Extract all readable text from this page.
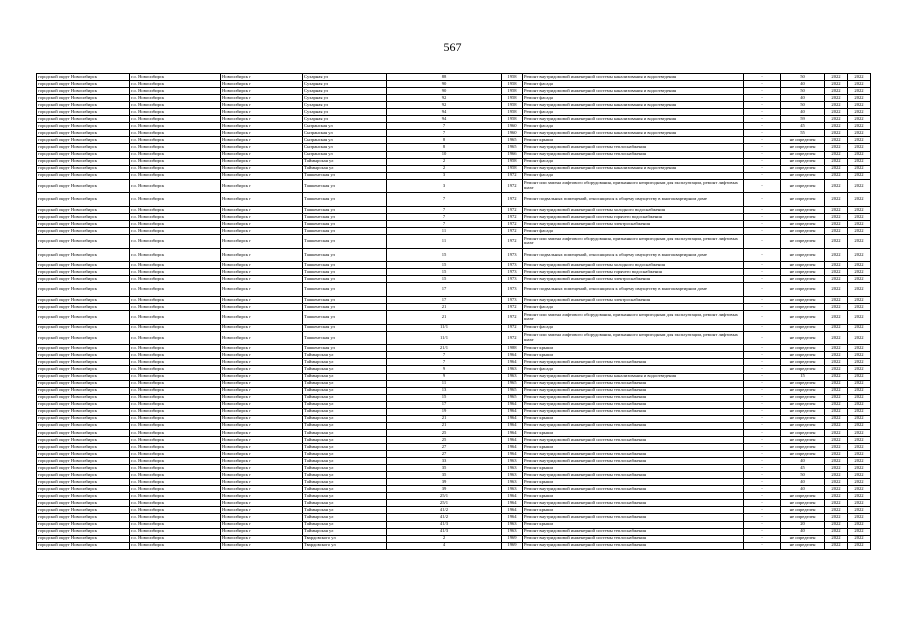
567
городской округ Новосибирск	г.о. Новосибирск	Новосибирск г	Сухарная ул	88	1958	Ремонт внутридомовой инженерной системы канализования и водоотведения	-	50	2022	2022
городской округ Новосибирск	г.о. Новосибирск	Новосибирск г	Сухарная ул	90	1958	Ремонт фасада	-	40	2022	2022
городской округ Новосибирск	г.о. Новосибирск	Новосибирск г	Сухарная ул	90	1958	Ремонт внутридомовой инженерной системы канализования и водоотведения	-	50	2022	2022
городской округ Новосибирск	г.о. Новосибирск	Новосибирск г	Сухарная ул	92	1958	Ремонт фасада	-	40	2022	2022
городской округ Новосибирск	г.о. Новосибирск	Новосибирск г	Сухарная ул	92	1958	Ремонт внутридомовой инженерной системы канализования и водоотведения	-	50	2022	2022
городской округ Новосибирск	г.о. Новосибирск	Новосибирск г	Сухарная ул	94	1958	Ремонт фасада	-	40	2022	2022
городской округ Новосибирск	г.о. Новосибирск	Новосибирск г	Сухарная ул	94	1958	Ремонт внутридомовой инженерной системы канализования и водоотведения	-	59	2022	2022
городской округ Новосибирск	г.о. Новосибирск	Новосибирск г	Сызранская ул	7	1960	Ремонт фасада	-	45	2022	2022
городской округ Новосибирск	г.о. Новосибирск	Новосибирск г	Сызранская ул	7	1960	Ремонт внутридомовой инженерной системы канализования и водоотведения	-	55	2022	2022
городской округ Новосибирск	г.о. Новосибирск	Новосибирск г	Сызранская ул	8	1965	Ремонт крыши	-	не определен	2022	2022
городской округ Новосибирск	г.о. Новосибирск	Новосибирск г	Сызранская ул	8	1965	Ремонт внутридомовой инженерной системы теплоснабжения	-	не определен	2022	2022
городской округ Новосибирск	г.о. Новосибирск	Новосибирск г	Сызранская ул	10	1966	Ремонт внутридомовой инженерной системы теплоснабжения	-	не определен	2022	2022
городской округ Новосибирск	г.о. Новосибирск	Новосибирск г	Таймырская ул	2	1958	Ремонт фасада	-	не определен	2022	2022
городской округ Новосибирск	г.о. Новосибирск	Новосибирск г	Таймырская ул	2	1958	Ремонт внутридомовой инженерной системы канализования и водоотведения	-	не определен	2022	2022
городской округ Новосибирск	г.о. Новосибирск	Новосибирск г	Ташкентская ул	3	1972	Ремонт фасада	-	не определен	2022	2022
городской округ Новосибирск	г.о. Новосибирск	Новосибирск г	Ташкентская ул	3	1972	Ремонт или замена лифтового оборудования, признанного непригодным для эксплуатации, ремонт лифтовых шахт	-	не определен	2022	2022
городской округ Новосибирск	г.о. Новосибирск	Новосибирск г	Ташкентская ул	7	1972	Ремонт подвальных помещений, относящихся к общему имуществу в многоквартирном доме	-	не определен	2022	2022
городской округ Новосибирск	г.о. Новосибирск	Новосибирск г	Ташкентская ул	7	1972	Ремонт внутридомовой инженерной системы холодного водоснабжения	-	не определен	2022	2022
городской округ Новосибирск	г.о. Новосибирск	Новосибирск г	Ташкентская ул	7	1972	Ремонт внутридомовой инженерной системы горячего водоснабжения	-	не определен	2022	2022
городской округ Новосибирск	г.о. Новосибирск	Новосибирск г	Ташкентская ул	7	1972	Ремонт внутридомовой инженерной системы электроснабжения	-	не определен	2022	2022
городской округ Новосибирск	г.о. Новосибирск	Новосибирск г	Ташкентская ул	11	1972	Ремонт фасада	-	не определен	2022	2022
городской округ Новосибирск	г.о. Новосибирск	Новосибирск г	Ташкентская ул	11	1972	Ремонт или замена лифтового оборудования, признанного непригодным для эксплуатации, ремонт лифтовых шахт	-	не определен	2022	2022
городской округ Новосибирск	г.о. Новосибирск	Новосибирск г	Ташкентская ул	15	1973	Ремонт подвальных помещений, относящихся к общему имуществу в многоквартирном доме	-	не определен	2022	2022
городской округ Новосибирск	г.о. Новосибирск	Новосибирск г	Ташкентская ул	15	1973	Ремонт внутридомовой инженерной системы холодного водоснабжения	-	не определен	2022	2022
городской округ Новосибирск	г.о. Новосибирск	Новосибирск г	Ташкентская ул	15	1973	Ремонт внутридомовой инженерной системы горячего водоснабжения	-	не определен	2022	2022
городской округ Новосибирск	г.о. Новосибирск	Новосибирск г	Ташкентская ул	15	1973	Ремонт внутридомовой инженерной системы электроснабжения	-	не определен	2022	2022
городской округ Новосибирск	г.о. Новосибирск	Новосибирск г	Ташкентская ул	17	1973	Ремонт подвальных помещений, относящихся к общему имуществу в многоквартирном доме	-	не определен	2022	2022
городской округ Новосибирск	г.о. Новосибирск	Новосибирск г	Ташкентская ул	17	1973	Ремонт внутридомовой инженерной системы электроснабжения	-	не определен	2022	2022
городской округ Новосибирск	г.о. Новосибирск	Новосибирск г	Ташкентская ул	21	1972	Ремонт фасада	-	не определен	2022	2022
городской округ Новосибирск	г.о. Новосибирск	Новосибирск г	Ташкентская ул	21	1972	Ремонт или замена лифтового оборудования, признанного непригодным для эксплуатации, ремонт лифтовых шахт	-	не определен	2022	2022
городской округ Новосибирск	г.о. Новосибирск	Новосибирск г	Ташкентская ул	11/1	1972	Ремонт фасада	-	не определен	2022	2022
городской округ Новосибирск	г.о. Новосибирск	Новосибирск г	Ташкентская ул	11/1	1972	Ремонт или замена лифтового оборудования, признанного непригодным для эксплуатации, ремонт лифтовых шахт	-	не определен	2022	2022
городской округ Новосибирск	г.о. Новосибирск	Новосибирск г	Ташкентская ул	21/1	1988	Ремонт крыши	-	не определен	2022	2022
городской округ Новосибирск	г.о. Новосибирск	Новосибирск г	Таймырская ул	7	1964	Ремонт крыши	-	не определен	2022	2022
городской округ Новосибирск	г.о. Новосибирск	Новосибирск г	Таймырская ул	7	1964	Ремонт внутридомовой инженерной системы теплоснабжения	-	не определен	2022	2022
городской округ Новосибирск	г.о. Новосибирск	Новосибирск г	Таймырская ул	9	1963	Ремонт фасада	-	не определен	2022	2022
городской округ Новосибирск	г.о. Новосибирск	Новосибирск г	Таймырская ул	9	1963	Ремонт внутридомовой инженерной системы канализования и водоотведения	-	15	2022	2022
городской округ Новосибирск	г.о. Новосибирск	Новосибирск г	Таймырская ул	11	1965	Ремонт внутридомовой инженерной системы теплоснабжения	-	не определен	2022	2022
городской округ Новосибирск	г.о. Новосибирск	Новосибирск г	Таймырская ул	13	1965	Ремонт внутридомовой инженерной системы теплоснабжения	-	не определен	2022	2022
городской округ Новосибирск	г.о. Новосибирск	Новосибирск г	Таймырская ул	15	1965	Ремонт внутридомовой инженерной системы теплоснабжения	-	не определен	2022	2022
городской округ Новосибирск	г.о. Новосибирск	Новосибирск г	Таймырская ул	17	1964	Ремонт внутридомовой инженерной системы теплоснабжения	-	не определен	2022	2022
городской округ Новосибирск	г.о. Новосибирск	Новосибирск г	Таймырская ул	19	1964	Ремонт внутридомовой инженерной системы теплоснабжения	-	не определен	2022	2022
городской округ Новосибирск	г.о. Новосибирск	Новосибирск г	Таймырская ул	21	1964	Ремонт крыши	-	не определен	2022	2022
городской округ Новосибирск	г.о. Новосибирск	Новосибирск г	Таймырская ул	21	1964	Ремонт внутридомовой инженерной системы теплоснабжения	-	не определен	2022	2022
городской округ Новосибирск	г.о. Новосибирск	Новосибирск г	Таймырская ул	25	1964	Ремонт крыши	-	не определен	2022	2022
городской округ Новосибирск	г.о. Новосибирск	Новосибирск г	Таймырская ул	25	1964	Ремонт внутридомовой инженерной системы теплоснабжения	-	не определен	2022	2022
городской округ Новосибирск	г.о. Новосибирск	Новосибирск г	Таймырская ул	27	1964	Ремонт крыши	-	не определен	2022	2022
городской округ Новосибирск	г.о. Новосибирск	Новосибирск г	Таймырская ул	27	1964	Ремонт внутридомовой инженерной системы теплоснабжения	-	не определен	2022	2022
городской округ Новосибирск	г.о. Новосибирск	Новосибирск г	Таймырская ул	33	1963	Ремонт внутридомовой инженерной системы теплоснабжения	-	40	2022	2022
городской округ Новосибирск	г.о. Новосибирск	Новосибирск г	Таймырская ул	35	1963	Ремонт крыши	-	45	2022	2022
городской округ Новосибирск	г.о. Новосибирск	Новосибирск г	Таймырская ул	35	1963	Ремонт внутридомовой инженерной системы теплоснабжения	-	50	2022	2022
городской округ Новосибирск	г.о. Новосибирск	Новосибирск г	Таймырская ул	39	1963	Ремонт крыши	-	40	2022	2022
городской округ Новосибирск	г.о. Новосибирск	Новосибирск г	Таймырская ул	39	1963	Ремонт внутридомовой инженерной системы теплоснабжения	-	40	2022	2022
городской округ Новосибирск	г.о. Новосибирск	Новосибирск г	Таймырская ул	25/1	1964	Ремонт крыши	-	не определен	2022	2022
городской округ Новосибирск	г.о. Новосибирск	Новосибирск г	Таймырская ул	25/1	1964	Ремонт внутридомовой инженерной системы теплоснабжения	-	не определен	2022	2022
городской округ Новосибирск	г.о. Новосибирск	Новосибирск г	Таймырская ул	41/2	1964	Ремонт крыши	-	не определен	2022	2022
городской округ Новосибирск	г.о. Новосибирск	Новосибирск г	Таймырская ул	41/2	1964	Ремонт внутридомовой инженерной системы теплоснабжения	-	не определен	2022	2022
городской округ Новосибирск	г.о. Новосибирск	Новосибирск г	Таймырская ул	41/3	1963	Ремонт крыши	-	20	2022	2022
городской округ Новосибирск	г.о. Новосибирск	Новосибирск г	Таймырская ул	41/3	1963	Ремонт внутридомовой инженерной системы теплоснабжения	-	40	2022	2022
городской округ Новосибирск	г.о. Новосибирск	Новосибирск г	Твардовского ул	2	1969	Ремонт внутридомовой инженерной системы теплоснабжения	-	не определен	2022	2022
городской округ Новосибирск	г.о. Новосибирск	Новосибирск г	Твардовского ул	4	1969	Ремонт внутридомовой инженерной системы теплоснабжения	-	не определен	2022	2022
